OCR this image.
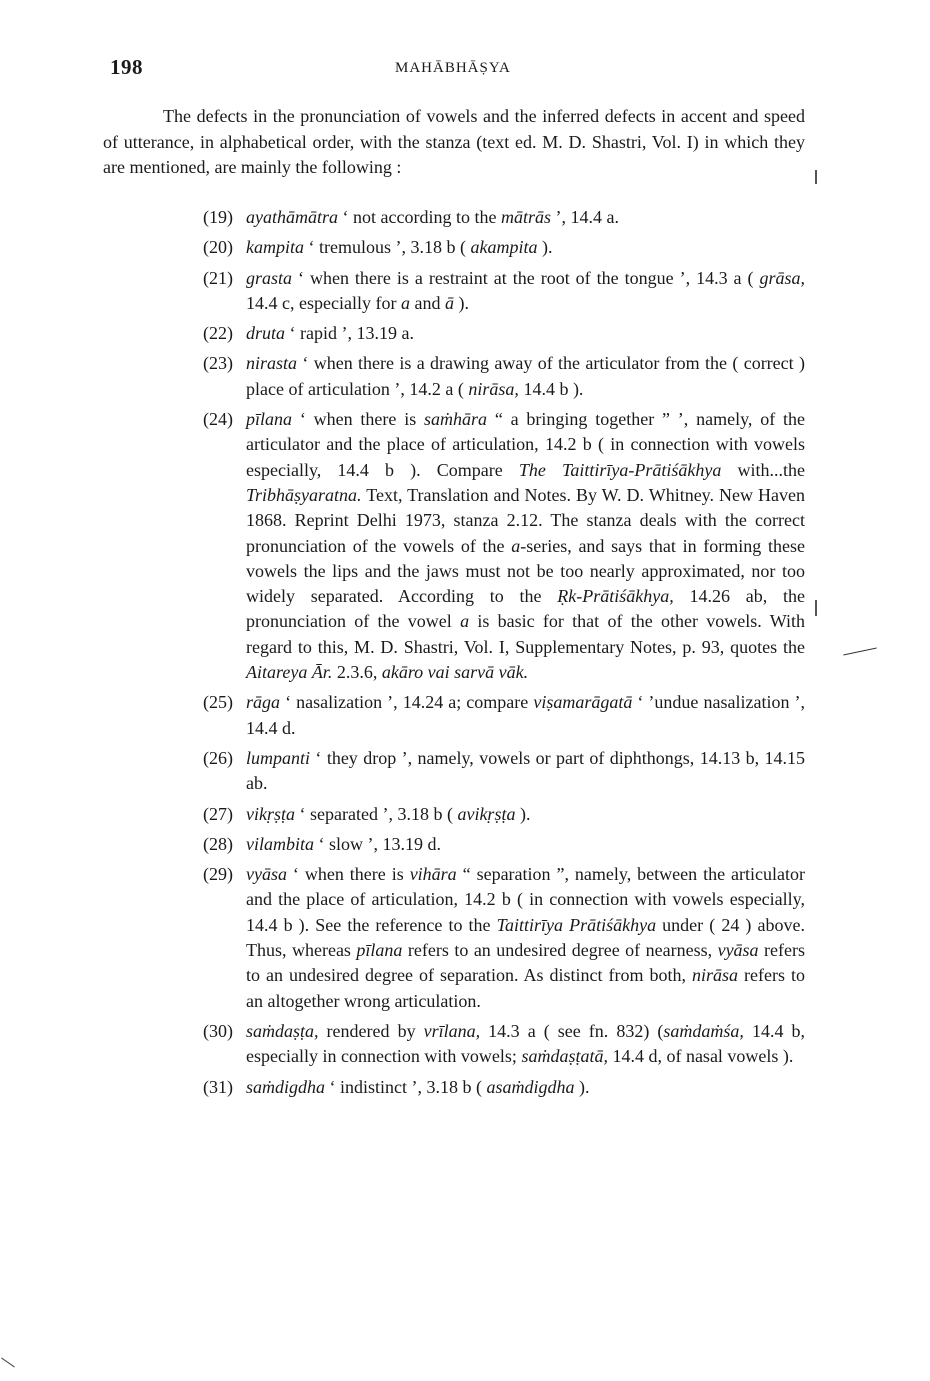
198	MAHĀBHĀṢYA

The defects in the pronunciation of vowels and the inferred defects in accent and speed of utterance, in alphabetical order, with the stanza (text ed. M. D. Shastri, Vol. I) in which they are mentioned, are mainly the following :

(19) ayathāmātra ‘ not according to the mātrās ’, 14.4 a.
(20) kampita ‘ tremulous ’, 3.18 b ( akampita ).
(21) grasta ‘ when there is a restraint at the root of the tongue ’, 14.3 a ( grāsa, 14.4 c, especially for a and ā ).
(22) druta ‘ rapid ’, 13.19 a.
(23) nirasta ‘ when there is a drawing away of the articulator from the ( correct ) place of articulation ’, 14.2 a ( nirāsa, 14.4 b ).
(24) pīlana ‘ when there is saṁhāra “ a bringing together ” ’, namely, of the articulator and the place of articulation, 14.2 b ( in connection with vowels especially, 14.4 b ). Compare The Taittirīya-Prātiśākhya with...the Tribhāṣyaratna. Text, Translation and Notes. By W. D. Whitney. New Haven 1868. Reprint Delhi 1973, stanza 2.12. The stanza deals with the correct pronunciation of the vowels of the a-series, and says that in forming these vowels the lips and the jaws must not be too nearly approximated, nor too widely separated. According to the Ṛk-Prātiśākhya, 14.26 ab, the pronunciation of the vowel a is basic for that of the other vowels. With regard to this, M. D. Shastri, Vol. I, Supplementary Notes, p. 93, quotes the Aitareya Ār. 2.3.6, akāro vai sarvā vāk.
(25) rāga ‘ nasalization ’, 14.24 a; compare viṣamarāgatā ‘ ’undue nasalization ’, 14.4 d.
(26) lumpanti ‘ they drop ’, namely, vowels or part of diphthongs, 14.13 b, 14.15 ab.
(27) vikṛṣṭa ‘ separated ’, 3.18 b ( avikṛṣṭa ).
(28) vilambita ‘ slow ’, 13.19 d.
(29) vyāsa ‘ when there is vihāra “ separation ”, namely, between the articulator and the place of articulation, 14.2 b ( in connection with vowels especially, 14.4 b ). See the reference to the Taittirīya Prātiśākhya under ( 24 ) above. Thus, whereas pīlana refers to an undesired degree of nearness, vyāsa refers to an undesired degree of separation. As distinct from both, nirāsa refers to an altogether wrong articulation.
(30) saṁdaṣṭa, rendered by vrīlana, 14.3 a ( see fn. 832) (saṁdaṁśa, 14.4 b, especially in connection with vowels; saṁdaṣṭatā, 14.4 d, of nasal vowels ).
(31) saṁdigdha ‘ indistinct ’, 3.18 b ( asaṁdigdha ).
